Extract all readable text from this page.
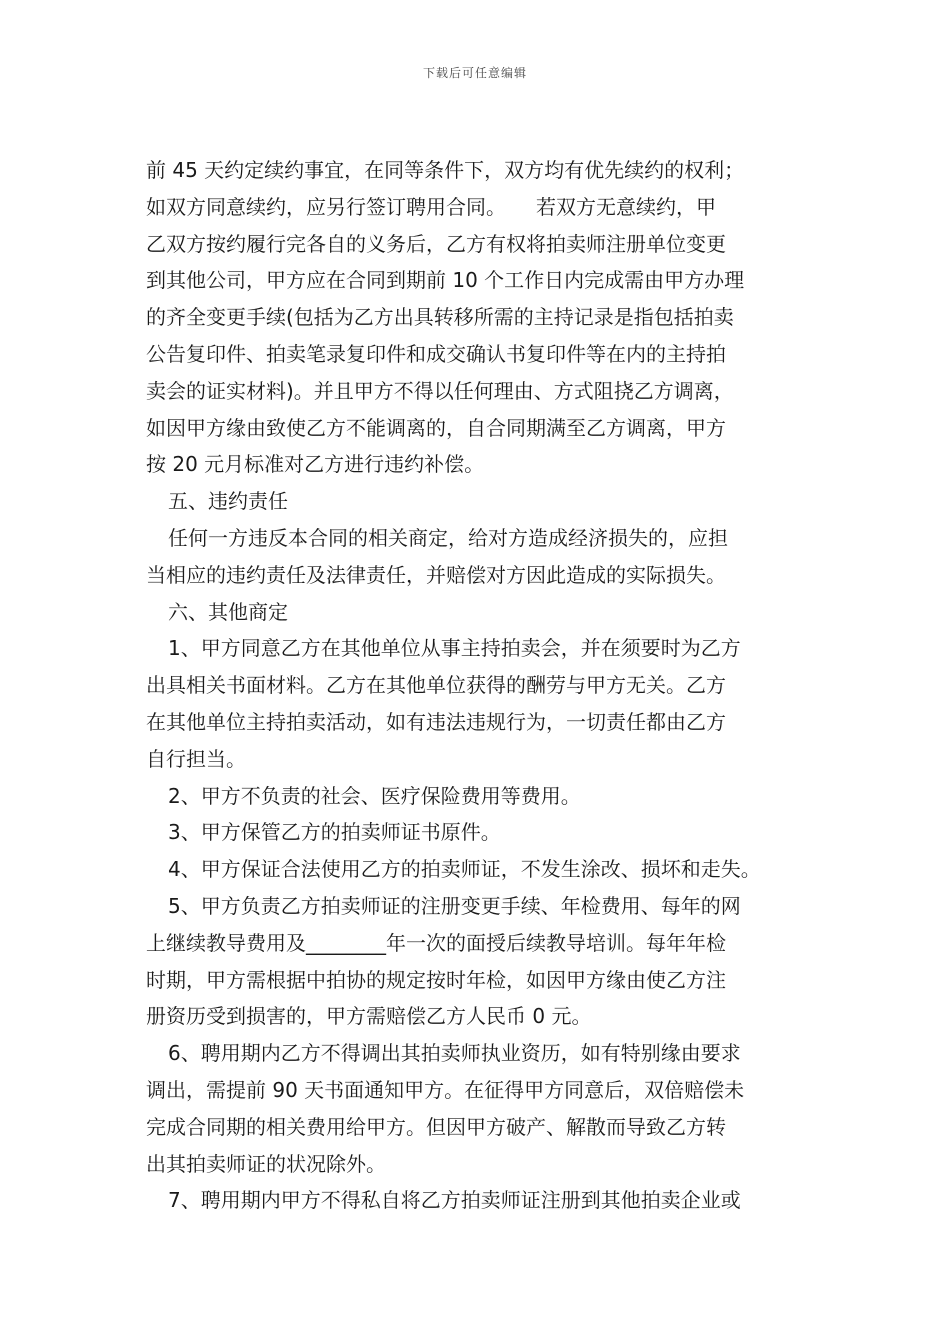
下载后可任意编辑
前 45 天约定续约事宜，在同等条件下，双方均有优先续约的权利；
如双方同意续约，应另行签订聘用合同。　　若双方无意续约，甲
乙双方按约履行完各自的义务后，乙方有权将拍卖师注册单位变更
到其他公司，甲方应在合同到期前 10 个工作日内完成需由甲方办理
的齐全变更手续(包括为乙方出具转移所需的主持记录是指包括拍卖
公告复印件、拍卖笔录复印件和成交确认书复印件等在内的主持拍
卖会的证实材料)。并且甲方不得以任何理由、方式阻挠乙方调离，
如因甲方缘由致使乙方不能调离的，自合同期满至乙方调离，甲方
按 20 元月标准对乙方进行违约补偿。
五、违约责任
任何一方违反本合同的相关商定，给对方造成经济损失的，应担
当相应的违约责任及法律责任，并赔偿对方因此造成的实际损失。
六、其他商定
1、甲方同意乙方在其他单位从事主持拍卖会，并在须要时为乙方
出具相关书面材料。乙方在其他单位获得的酬劳与甲方无关。乙方
在其他单位主持拍卖活动，如有违法违规行为，一切责任都由乙方
自行担当。
2、甲方不负责的社会、医疗保险费用等费用。
3、甲方保管乙方的拍卖师证书原件。
4、甲方保证合法使用乙方的拍卖师证，不发生涂改、损坏和走失。
5、甲方负责乙方拍卖师证的注册变更手续、年检费用、每年的网
上继续教导费用及________年一次的面授后续教导培训。每年年检
时期，甲方需根据中拍协的规定按时年检，如因甲方缘由使乙方注
册资历受到损害的，甲方需赔偿乙方人民币 0 元。
6、聘用期内乙方不得调出其拍卖师执业资历，如有特别缘由要求
调出，需提前 90 天书面通知甲方。在征得甲方同意后，双倍赔偿未
完成合同期的相关费用给甲方。但因甲方破产、解散而导致乙方转
出其拍卖师证的状况除外。
7、聘用期内甲方不得私自将乙方拍卖师证注册到其他拍卖企业或
